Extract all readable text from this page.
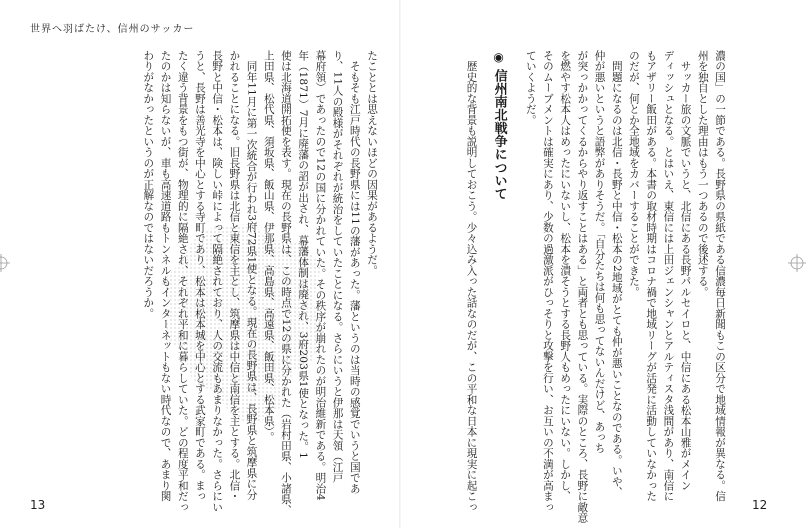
世界へ羽ばたけ、信州のサッカー
濃の国」の一節である。長野県の県紙である信濃毎日新聞もこの区分で地域情報が異なる。信
州を独自とした理由はもう一つあるので後述する。
　サッカー旅の文脈でいうと、北信にある長野パルセイロと、中信にある松本山雅がメイン
ディッシュとなる。とはいえ、東信には上田ジェンシャンとアルティスタ浅間があり、南信に
もアザリー飯田がある。本書の取材時期はコロナ禍で地域リーグが活発に活動していなかった
のだが、何とか全地域をカバーすることができた。
　問題になるのは北信・長野と中信・松本の2地域がとても仲が悪いことなのである。いや、
仲が悪いというと語弊がありそうだ。「自分たちは何も思ってないんだけど、あっち
が突っかかってくるからやり返すことはある」と両者とも思っている。実際のところ、長野に敵意
を燃やす松本人はめったにいないし、松本を潰そうとする長野人もめったにいない。しかし、
そのムーブメントは確実にあり、少数の過激派がひっそりと攻撃を行い、お互いの不満が高まっ
ていくようだ。
◉ 信州南北戦争について
　歴史的な背景も説明しておこう。少々込み入った話なのだが、この平和な日本に現実に起こっ
たこととは思えないほどの因果があるようだ。
　そもそも江戸時代の長野県には11の藩があった。藩というのは当時の感覚でいうと国であ
り、11人の殿様がそれぞれが統治をしていたことになる。さらにいうと伊那は天領（江戸
幕府領）であったので12の国に分かれていた。その秩序が崩れたのが明治維新である。明治4
年（1871）7月に廃藩の詔が出され、幕藩体制は廃され、3府203県1使となった。1
使は北海道開拓使を表す。現在の長野県は、この時点で12の県に分かれた（岩村田県、小諸県、
上田県、松代県、須坂県、飯山県、伊那県、高島県、高遠県、飯田県、松本県）。
　同年11月に第一次統合が行われ3府72県1使となる。現在の長野県は、長野県と筑摩県に分
かれることになる。旧長野県は北信と東信を主とし、筑摩県は中信と南信を主とする。北信・
長野と中信・松本は、険しい峠によって隔絶されており、人の交流もあまりなかった。さらにい
うと、長野は善光寺を中心とする寺町であり、松本は松本城を中心とする武家町である。まっ
たく違う背景をもつ街が、物理的に隔絶され、それぞれ平和に暮らしていた。どの程度平和だっ
たのかは知らないが、車も高速道路もトンネルもインターネットもない時代なので、あまり関
わりがなかったというのが正解なのではないだろうか。
13	12
